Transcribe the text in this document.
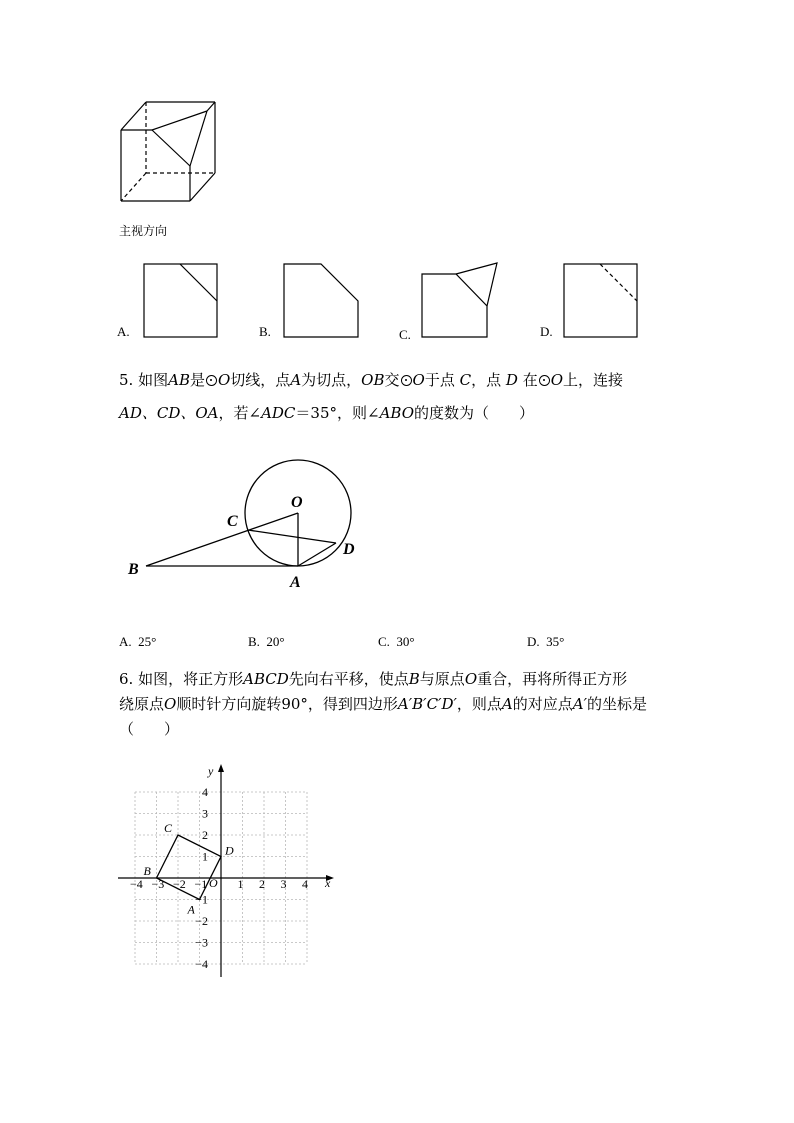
主视方向
A.	B.	C.	D.
5. 如图AB是 O切线，点A为切点，OB交 O于点 C，点 D 在 O上，连接
AD、CD、OA，若∠ADC＝35°，则∠ABO的度数为（　　）
O
C
D
B
A
A. 25°	B. 20°	C. 30°	D. 35°
6. 如图，将正方形ABCD先向右平移，使点B与原点O重合，再将所得正方形
绕原点O顺时针方向旋转90°，得到四边形A′B′C′D′，则点A的对应点A′的坐标是
（　　）
−4 −3 −2 −1	1 2 3 4
4
3
2
1
−1
−2
−3
−4
A
B
C
D
x
y
O
